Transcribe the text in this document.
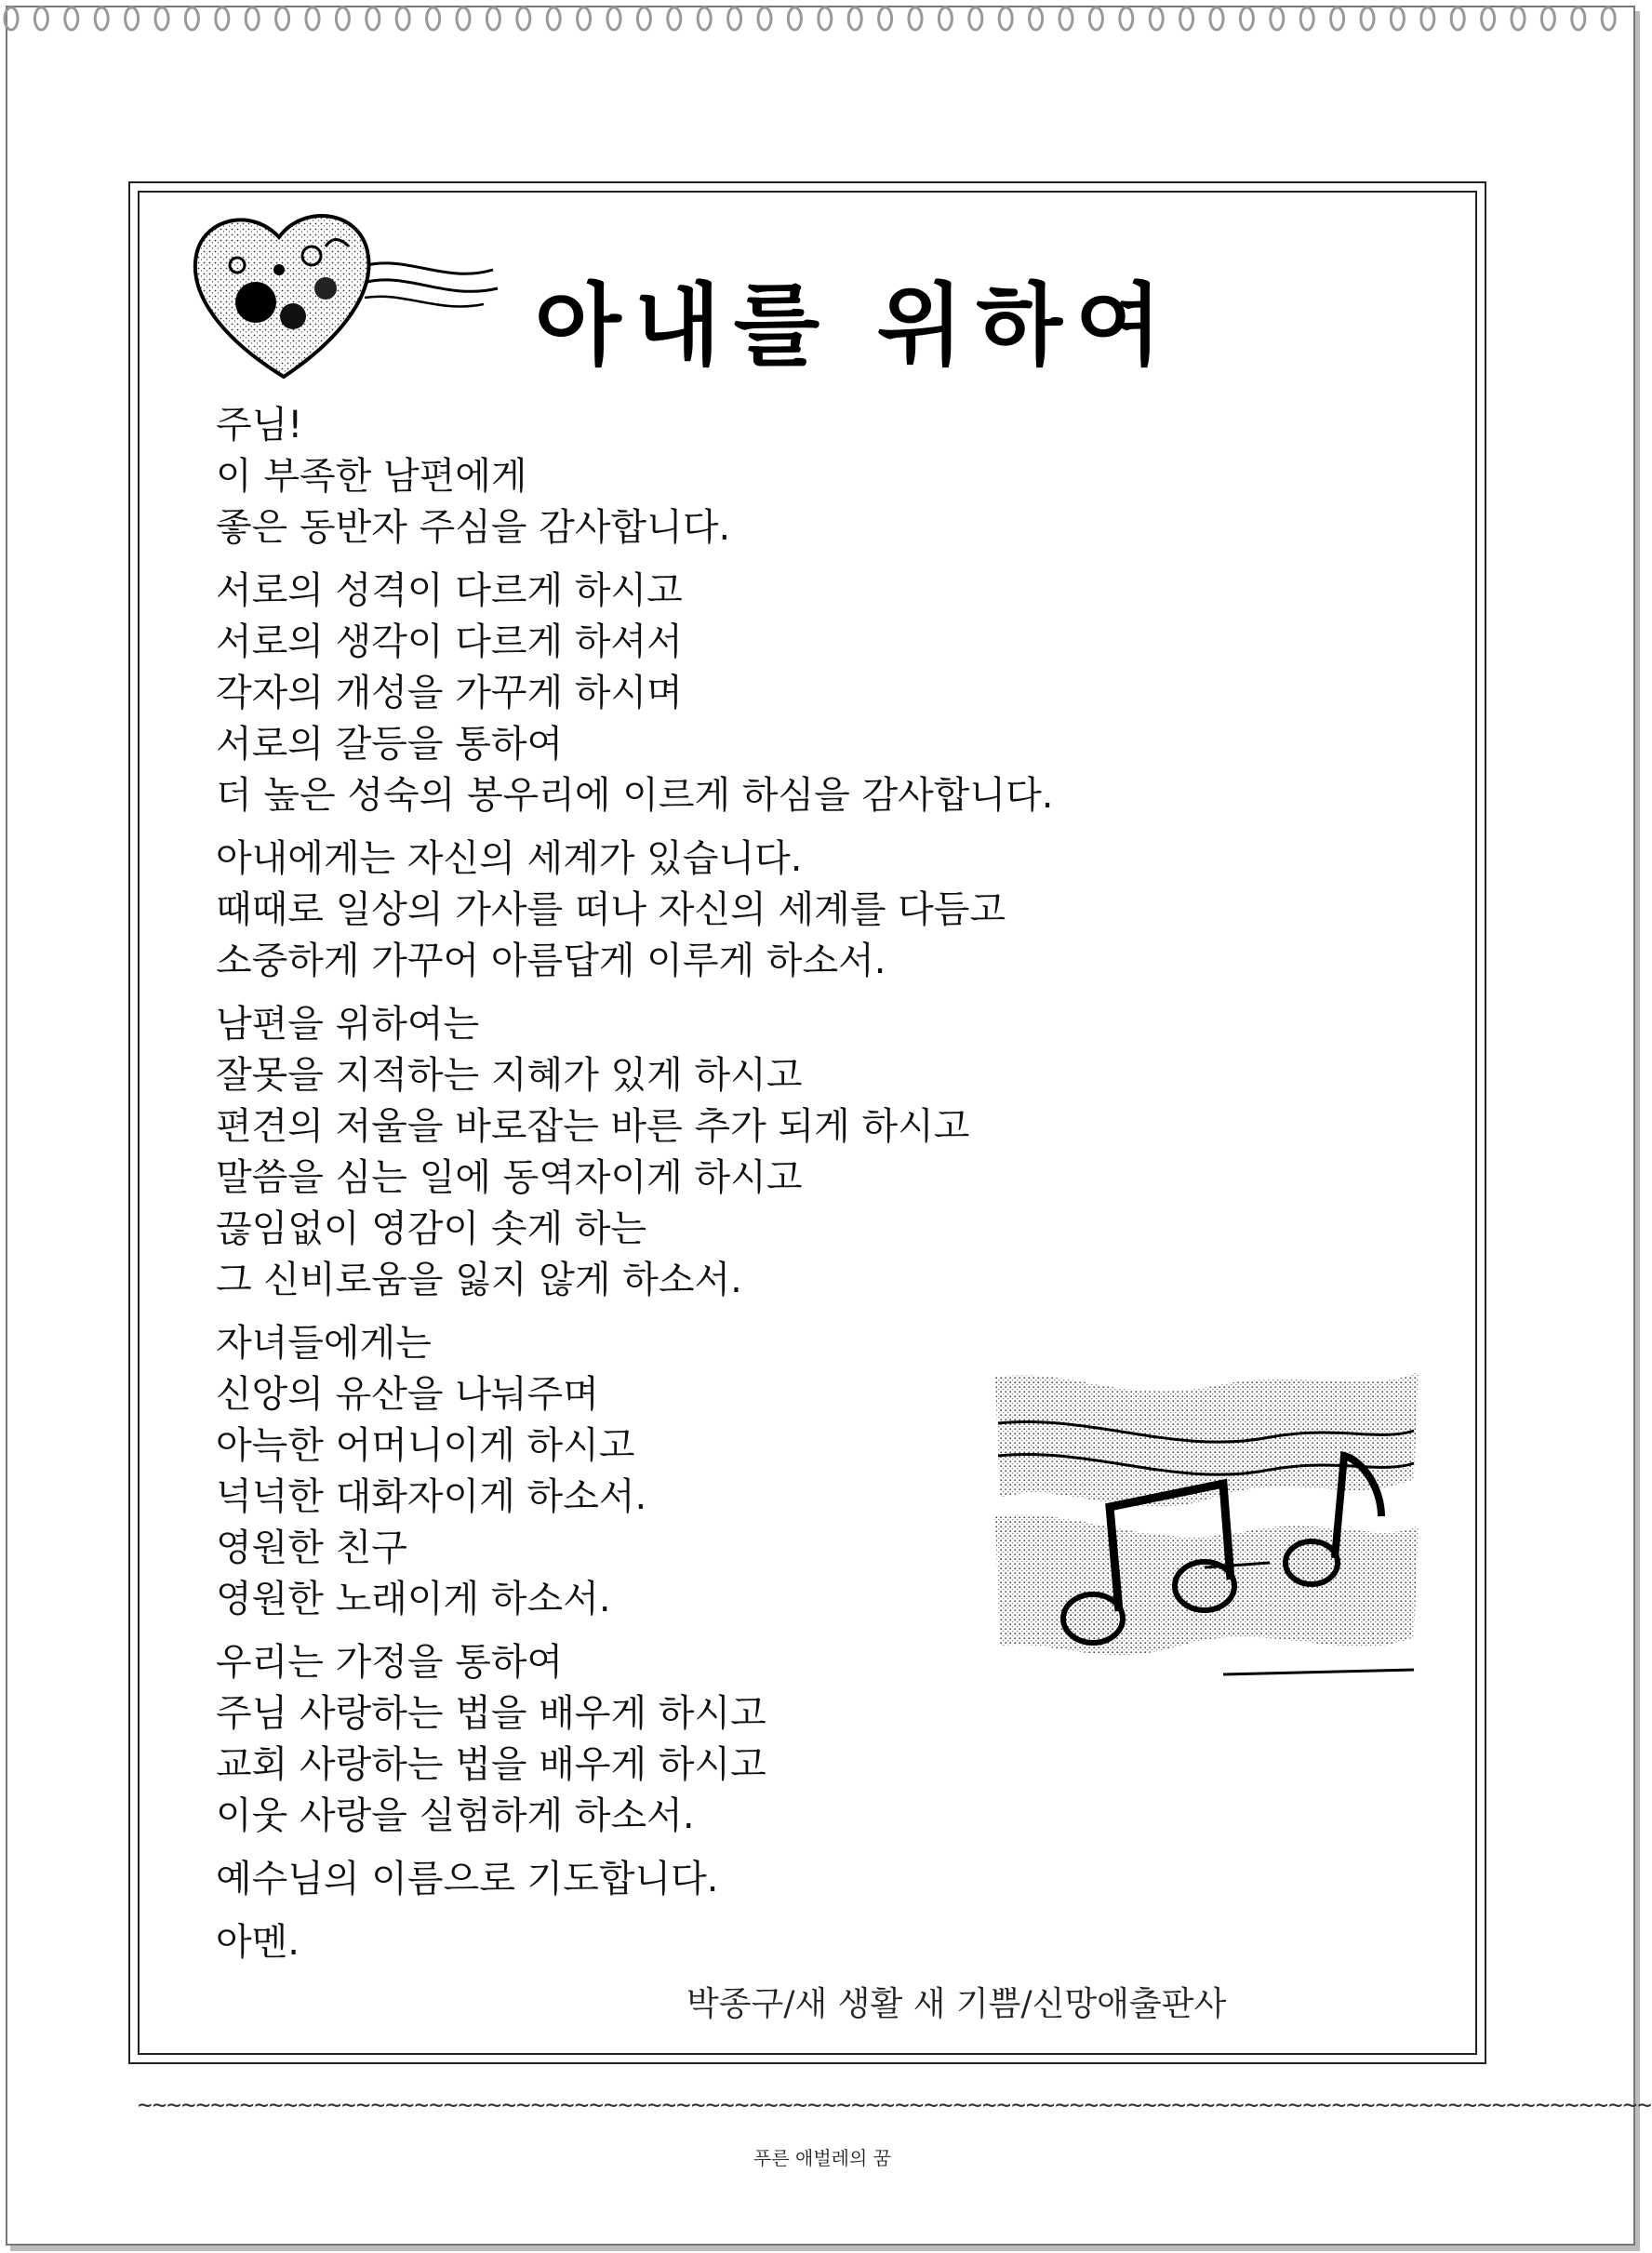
아내를 위하여
주님!
이 부족한 남편에게
좋은 동반자 주심을 감사합니다.
서로의 성격이 다르게 하시고
서로의 생각이 다르게 하셔서
각자의 개성을 가꾸게 하시며
서로의 갈등을 통하여
더 높은 성숙의 봉우리에 이르게 하심을 감사합니다.
아내에게는 자신의 세계가 있습니다.
때때로 일상의 가사를 떠나 자신의 세계를 다듬고
소중하게 가꾸어 아름답게 이루게 하소서.
남편을 위하여는
잘못을 지적하는 지혜가 있게 하시고
편견의 저울을 바로잡는 바른 추가 되게 하시고
말씀을 심는 일에 동역자이게 하시고
끊임없이 영감이 솟게 하는
그 신비로움을 잃지 않게 하소서.
자녀들에게는
신앙의 유산을 나눠주며
아늑한 어머니이게 하시고
넉넉한 대화자이게 하소서.
영원한 친구
영원한 노래이게 하소서.
우리는 가정을 통하여
주님 사랑하는 법을 배우게 하시고
교회 사랑하는 법을 배우게 하시고
이웃 사랑을 실험하게 하소서.
예수님의 이름으로 기도합니다.
아멘.
박종구/새 생활 새 기쁨/신망애출판사
~~~~~~~~~~~~~~~~~~~~~~~~~~~~~~~~~~~~~~~~~~~~~~~~~~~~~~~~~~~~~~~~~~~~~~~~~~~~~~~~~~~~~~~~~~~~~~~~~~~~~~~~
푸른 애벌레의 꿈
